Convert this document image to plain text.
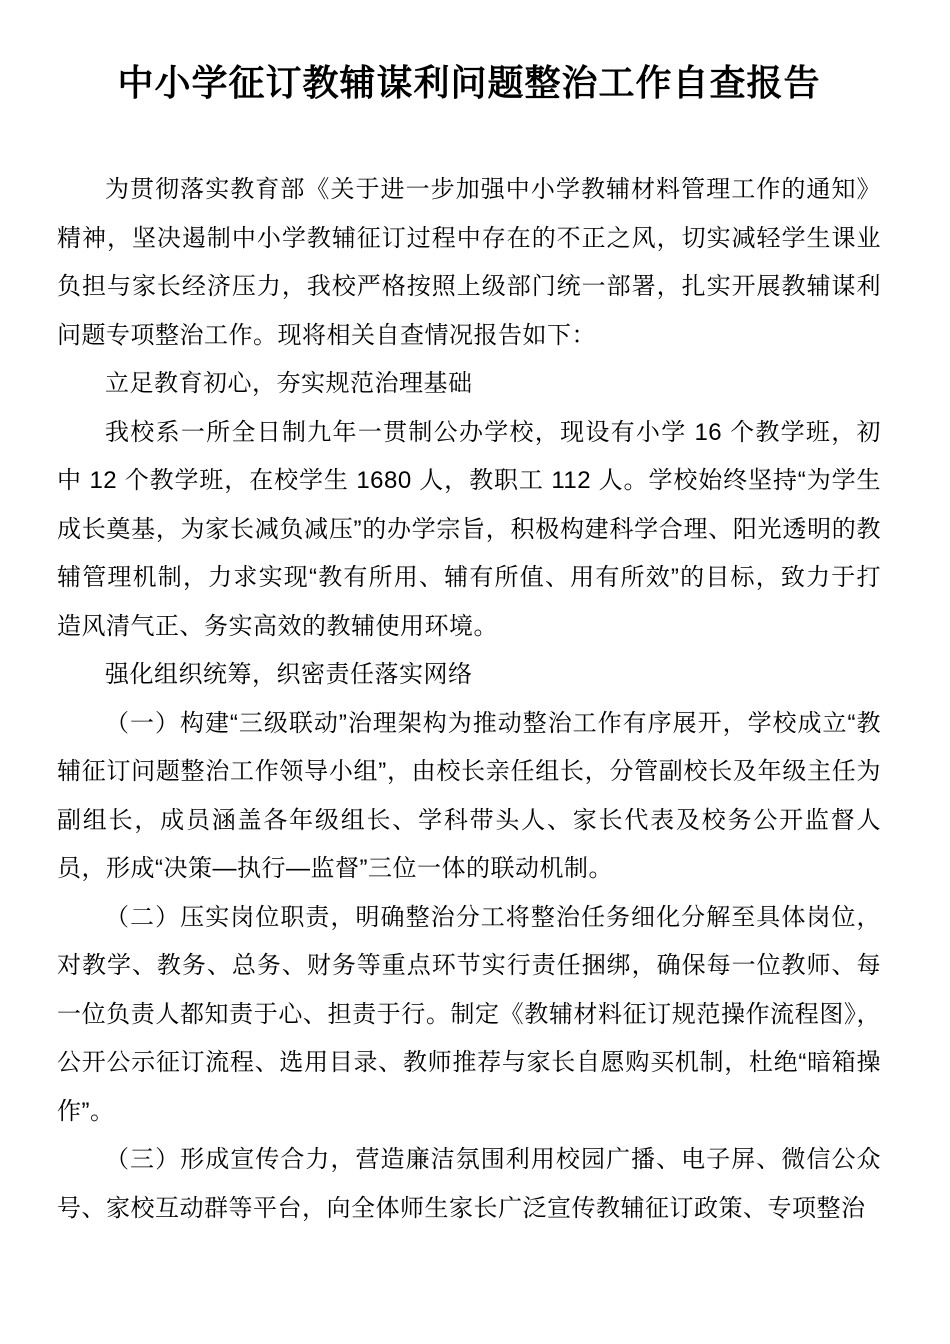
中小学征订教辅谋利问题整治工作自查报告

为贯彻落实教育部《关于进一步加强中小学教辅材料管理工作的通知》精神，坚决遏制中小学教辅征订过程中存在的不正之风，切实减轻学生课业负担与家长经济压力，我校严格按照上级部门统一部署，扎实开展教辅谋利问题专项整治工作。现将相关自查情况报告如下：

立足教育初心，夯实规范治理基础

我校系一所全日制九年一贯制公办学校，现设有小学 16 个教学班，初中 12 个教学班，在校学生 1680 人，教职工 112 人。学校始终坚持“为学生成长奠基，为家长减负减压”的办学宗旨，积极构建科学合理、阳光透明的教辅管理机制，力求实现“教有所用、辅有所值、用有所效”的目标，致力于打造风清气正、务实高效的教辅使用环境。

强化组织统筹，织密责任落实网络

（一）构建“三级联动”治理架构为推动整治工作有序展开，学校成立“教辅征订问题整治工作领导小组”，由校长亲任组长，分管副校长及年级主任为副组长，成员涵盖各年级组长、学科带头人、家长代表及校务公开监督人员，形成“决策—执行—监督”三位一体的联动机制。

（二）压实岗位职责，明确整治分工将整治任务细化分解至具体岗位，对教学、教务、总务、财务等重点环节实行责任捆绑，确保每一位教师、每一位负责人都知责于心、担责于行。制定《教辅材料征订规范操作流程图》，公开公示征订流程、选用目录、教师推荐与家长自愿购买机制，杜绝“暗箱操作”。

（三）形成宣传合力，营造廉洁氛围利用校园广播、电子屏、微信公众号、家校互动群等平台，向全体师生家长广泛宣传教辅征订政策、专项整治
